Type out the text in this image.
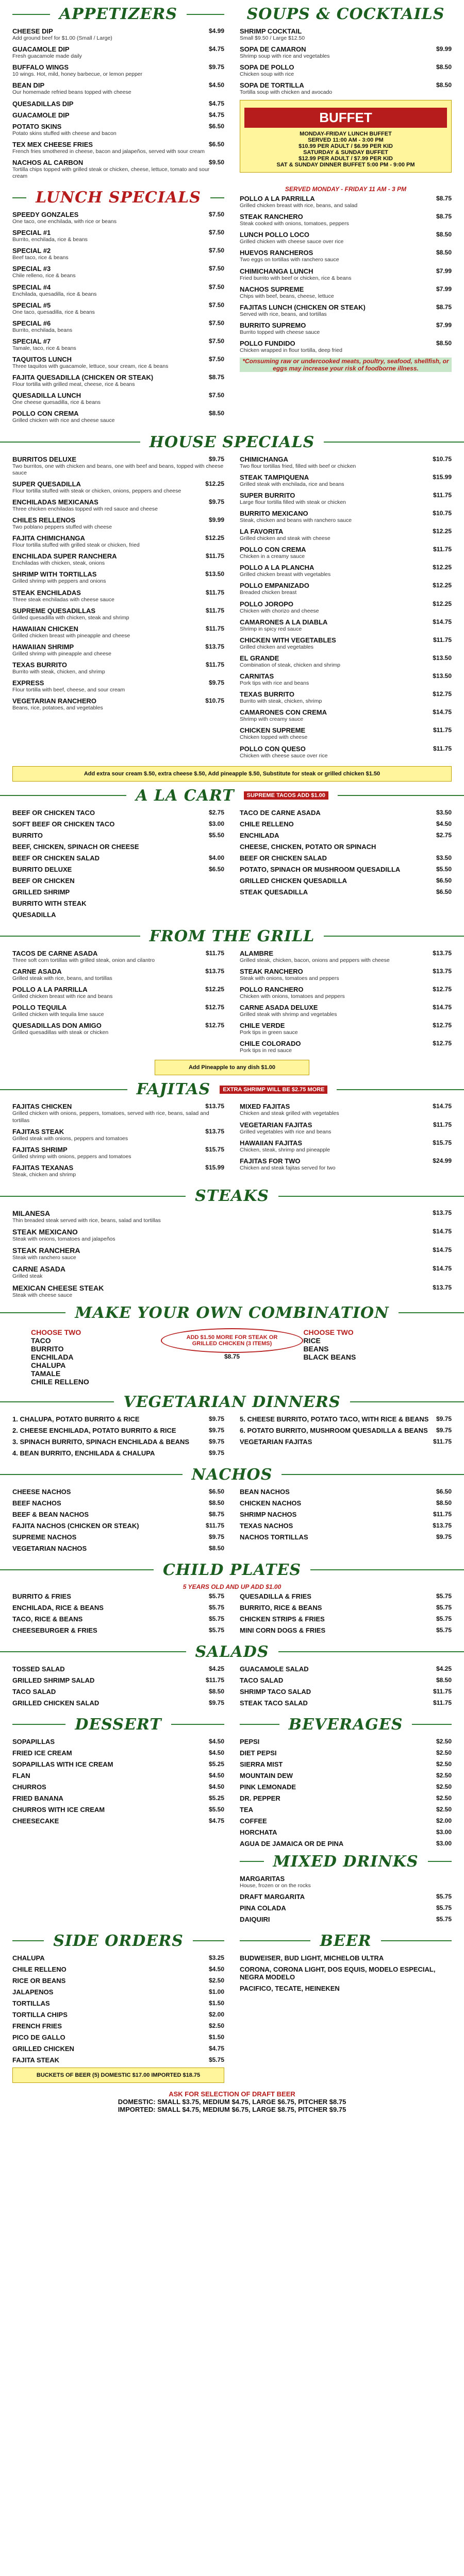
APPETIZERS
CHEESE DIP	$4.99
Add ground beef for $1.00 (Small / Large)
GUACAMOLE DIP	$4.75
Fresh guacamole made daily
BUFFALO WINGS	$9.75
10 wings. Hot, mild, honey barbecue, or lemon pepper
BEAN DIP	$4.50
Our homemade refried beans topped with cheese
QUESADILLAS DIP	$4.75
GUACAMOLE DIP	$4.75
POTATO SKINS	$6.50
Potato skins stuffed with cheese and bacon
TEX MEX CHEESE FRIES	$6.50
French fries smothered in cheese, bacon and jalapeños, served with sour cream
NACHOS AL CARBON	$9.50
Tortilla chips topped with grilled steak or chicken, cheese, lettuce, tomato and sour cream
SOUPS & COCKTAILS
SHRIMP COCKTAIL
Small $9.50 / Large $12.50
SOPA DE CAMARON	$9.99
Shrimp soup with rice and vegetables
SOPA DE POLLO	$8.50
Chicken soup with rice
SOPA DE TORTILLA	$8.50
Tortilla soup with chicken and avocado
BUFFET
MONDAY-FRIDAY LUNCH BUFFET
SERVED 11:00 AM - 3:00 PM
$10.99 PER ADULT / $6.99 PER KID
SATURDAY & SUNDAY BUFFET
$12.99 PER ADULT / $7.99 PER KID
SAT & SUNDAY DINNER BUFFET 5:00 PM - 9:00 PM
LUNCH SPECIALS
SPEEDY GONZALES	$7.50
One taco, one enchilada, with rice or beans
SPECIAL #1	$7.50
Burrito, enchilada, rice & beans
SPECIAL #2	$7.50
Beef taco, rice & beans
SPECIAL #3	$7.50
Chile relleno, rice & beans
SPECIAL #4	$7.50
Enchilada, quesadilla, rice & beans
SPECIAL #5	$7.50
One taco, quesadilla, rice & beans
SPECIAL #6	$7.50
Burrito, enchilada, beans
SPECIAL #7	$7.50
Tamale, taco, rice & beans
TAQUITOS LUNCH	$7.50
Three taquitos with guacamole, lettuce, sour cream, rice & beans
FAJITA QUESADILLA (CHICKEN OR STEAK)	$8.75
Flour tortilla with grilled meat, cheese, rice & beans
QUESADILLA LUNCH	$7.50
One cheese quesadilla, rice & beans
POLLO CON CREMA	$8.50
Grilled chicken with rice and cheese sauce
SERVED MONDAY - FRIDAY 11 AM - 3 PM
POLLO A LA PARRILLA	$8.75
Grilled chicken breast with rice, beans, and salad
STEAK RANCHERO	$8.75
Steak cooked with onions, tomatoes, peppers
LUNCH POLLO LOCO	$8.50
Grilled chicken with cheese sauce over rice
HUEVOS RANCHEROS	$8.50
Two eggs on tortillas with ranchero sauce
CHIMICHANGA LUNCH	$7.99
Fried burrito with beef or chicken, rice & beans
NACHOS SUPREME	$7.99
Chips with beef, beans, cheese, lettuce
FAJITAS LUNCH (CHICKEN OR STEAK)	$8.75
Served with rice, beans, and tortillas
BURRITO SUPREMO	$7.99
Burrito topped with cheese sauce
POLLO FUNDIDO	$8.50
Chicken wrapped in flour tortilla, deep fried
*Consuming raw or undercooked meats, poultry, seafood, shellfish, or eggs may increase your risk of foodborne illness.
HOUSE SPECIALS
BURRITOS DELUXE	$9.75
Two burritos, one with chicken and beans, one with beef and beans, topped with cheese sauce
SUPER QUESADILLA	$12.25
Flour tortilla stuffed with steak or chicken, onions, peppers and cheese
ENCHILADAS MEXICANAS	$9.75
Three chicken enchiladas topped with red sauce and cheese
CHILES RELLENOS	$9.99
Two poblano peppers stuffed with cheese
FAJITA CHIMICHANGA	$12.25
Flour tortilla stuffed with grilled steak or chicken, fried
ENCHILADA SUPER RANCHERA	$11.75
Enchiladas with chicken, steak, onions
SHRIMP WITH TORTILLAS	$13.50
Grilled shrimp with peppers and onions
STEAK ENCHILADAS	$11.75
Three steak enchiladas with cheese sauce
SUPREME QUESADILLAS	$11.75
Grilled quesadilla with chicken, steak and shrimp
HAWAIIAN CHICKEN	$11.75
Grilled chicken breast with pineapple and cheese
HAWAIIAN SHRIMP	$13.75
Grilled shrimp with pineapple and cheese
TEXAS BURRITO	$11.75
Burrito with steak, chicken, and shrimp
EXPRESS	$9.75
Flour tortilla with beef, cheese, and sour cream
VEGETARIAN RANCHERO	$10.75
Beans, rice, potatoes, and vegetables
CHIMICHANGA	$10.75
Two flour tortillas fried, filled with beef or chicken
STEAK TAMPIQUENA	$15.99
Grilled steak with enchilada, rice and beans
SUPER BURRITO	$11.75
Large flour tortilla filled with steak or chicken
BURRITO MEXICANO	$10.75
Steak, chicken and beans with ranchero sauce
LA FAVORITA	$12.25
Grilled chicken and steak with cheese
POLLO CON CREMA	$11.75
Chicken in a creamy sauce
POLLO A LA PLANCHA	$12.25
Grilled chicken breast with vegetables
POLLO EMPANIZADO	$12.25
Breaded chicken breast
POLLO JOROPO	$12.25
Chicken with chorizo and cheese
CAMARONES A LA DIABLA	$14.75
Shrimp in spicy red sauce
CHICKEN WITH VEGETABLES	$11.75
Grilled chicken and vegetables
EL GRANDE	$13.50
Combination of steak, chicken and shrimp
CARNITAS	$13.50
Pork tips with rice and beans
TEXAS BURRITO	$12.75
Burrito with steak, chicken, shrimp
CAMARONES CON CREMA	$14.75
Shrimp with creamy sauce
CHICKEN SUPREME	$11.75
Chicken topped with cheese
POLLO CON QUESO	$11.75
Chicken with cheese sauce over rice
Add extra sour cream $.50, extra cheese $.50, Add pineapple $.50, Substitute for steak or grilled chicken $1.50
A LA CART	SUPREME TACOS ADD $1.00
BEEF OR CHICKEN TACO	$2.75
SOFT BEEF OR CHICKEN TACO	$3.00
BURRITO	$5.50
BEEF, CHICKEN, SPINACH OR CHEESE
BEEF OR CHICKEN SALAD	$4.00
BURRITO DELUXE	$6.50
BEEF OR CHICKEN
GRILLED SHRIMP
BURRITO WITH STEAK
QUESADILLA
TACO DE CARNE ASADA	$3.50
CHILE RELLENO	$4.50
ENCHILADA	$2.75
CHEESE, CHICKEN, POTATO OR SPINACH
BEEF OR CHICKEN SALAD	$3.50
POTATO, SPINACH OR MUSHROOM QUESADILLA	$5.50
GRILLED CHICKEN QUESADILLA	$6.50
STEAK QUESADILLA	$6.50
FROM THE GRILL
TACOS DE CARNE ASADA	$11.75
Three soft corn tortillas with grilled steak, onion and cilantro
CARNE ASADA	$13.75
Grilled steak with rice, beans, and tortillas
POLLO A LA PARRILLA	$12.25
Grilled chicken breast with rice and beans
POLLO TEQUILA	$12.75
Grilled chicken with tequila lime sauce
QUESADILLAS DON AMIGO	$12.75
Grilled quesadillas with steak or chicken
ALAMBRE	$13.75
Grilled steak, chicken, bacon, onions and peppers with cheese
STEAK RANCHERO	$13.75
Steak with onions, tomatoes and peppers
POLLO RANCHERO	$12.75
Chicken with onions, tomatoes and peppers
CARNE ASADA DELUXE	$14.75
Grilled steak with shrimp and vegetables
CHILE VERDE	$12.75
Pork tips in green sauce
CHILE COLORADO	$12.75
Pork tips in red sauce
Add Pineapple to any dish $1.00
FAJITAS	EXTRA SHRIMP WILL BE $2.75 MORE
FAJITAS CHICKEN	$13.75
Grilled chicken with onions, peppers, tomatoes, served with rice, beans, salad and tortillas
FAJITAS STEAK	$13.75
Grilled steak with onions, peppers and tomatoes
FAJITAS SHRIMP	$15.75
Grilled shrimp with onions, peppers and tomatoes
FAJITAS TEXANAS	$15.99
Steak, chicken and shrimp
MIXED FAJITAS	$14.75
Chicken and steak grilled with vegetables
VEGETARIAN FAJITAS	$11.75
Grilled vegetables with rice and beans
HAWAIIAN FAJITAS	$15.75
Chicken, steak, shrimp and pineapple
FAJITAS FOR TWO	$24.99
Chicken and steak fajitas served for two
STEAKS
MILANESA	$13.75
Thin breaded steak served with rice, beans, salad and tortillas
STEAK MEXICANO	$14.75
Steak with onions, tomatoes and jalapeños
STEAK RANCHERA	$14.75
Steak with ranchero sauce
CARNE ASADA	$14.75
Grilled steak
MEXICAN CHEESE STEAK	$13.75
Steak with cheese sauce
MAKE YOUR OWN COMBINATION
CHOOSE TWO
TACO
BURRITO
ENCHILADA
CHALUPA
TAMALE
CHILE RELLENO
ADD $1.50 MORE FOR STEAK OR GRILLED CHICKEN (3 ITEMS)
$8.75
CHOOSE TWO
RICE
BEANS
BLACK BEANS
VEGETARIAN DINNERS
1. CHALUPA, POTATO BURRITO & RICE	$9.75
2. CHEESE ENCHILADA, POTATO BURRITO & RICE	$9.75
3. SPINACH BURRITO, SPINACH ENCHILADA & BEANS	$9.75
4. BEAN BURRITO, ENCHILADA & CHALUPA	$9.75
5. CHEESE BURRITO, POTATO TACO, WITH RICE & BEANS $9.75
6. POTATO BURRITO, MUSHROOM QUESADILLA & BEANS $9.75
VEGETARIAN FAJITAS	$11.75
NACHOS
CHEESE NACHOS	$6.50
BEEF NACHOS	$8.50
BEEF & BEAN NACHOS	$8.75
FAJITA NACHOS (CHICKEN OR STEAK)	$11.75
SUPREME NACHOS	$9.75
VEGETARIAN NACHOS	$8.50
BEAN NACHOS	$6.50
CHICKEN NACHOS	$8.50
SHRIMP NACHOS	$11.75
TEXAS NACHOS	$13.75
NACHOS TORTILLAS	$9.75
CHILD PLATES
5 YEARS OLD AND UP ADD $1.00
BURRITO & FRIES	$5.75
ENCHILADA, RICE & BEANS	$5.75
TACO, RICE & BEANS	$5.75
CHEESEBURGER & FRIES	$5.75
QUESADILLA & FRIES	$5.75
BURRITO, RICE & BEANS	$5.75
CHICKEN STRIPS & FRIES	$5.75
MINI CORN DOGS & FRIES	$5.75
SALADS
TOSSED SALAD	$4.25
GRILLED SHRIMP SALAD	$11.75
TACO SALAD	$8.50
GRILLED CHICKEN SALAD	$9.75
GUACAMOLE SALAD	$4.25
TACO SALAD	$8.50
SHRIMP TACO SALAD	$11.75
STEAK TACO SALAD	$11.75
DESSERT
SOPAPILLAS	$4.50
FRIED ICE CREAM	$4.50
SOPAPILLAS WITH ICE CREAM	$5.25
FLAN	$4.50
CHURROS	$4.50
FRIED BANANA	$5.25
CHURROS WITH ICE CREAM	$5.50
CHEESECAKE	$4.75
BEVERAGES
PEPSI	$2.50
DIET PEPSI	$2.50
SIERRA MIST	$2.50
MOUNTAIN DEW	$2.50
PINK LEMONADE	$2.50
DR. PEPPER	$2.50
TEA	$2.50
COFFEE	$2.00
HORCHATA	$3.00
AGUA DE JAMAICA OR DE PINA	$3.00
MIXED DRINKS
MARGARITAS
House, frozen or on the rocks
DRAFT MARGARITA	$5.75
PINA COLADA	$5.75
DAIQUIRI	$5.75
SIDE ORDERS
CHALUPA	$3.25
CHILE RELLENO	$4.50
RICE OR BEANS	$2.50
JALAPENOS	$1.00
TORTILLAS	$1.50
TORTILLA CHIPS	$2.00
FRENCH FRIES	$2.50
PICO DE GALLO	$1.50
GRILLED CHICKEN	$4.75
FAJITA STEAK	$5.75
BUCKETS OF BEER (5) DOMESTIC $17.00 IMPORTED $18.75
BEER
BUDWEISER, BUD LIGHT, MICHELOB ULTRA
CORONA, CORONA LIGHT, DOS EQUIS, MODELO ESPECIAL, NEGRA MODELO
PACIFICO, TECATE, HEINEKEN
ASK FOR SELECTION OF DRAFT BEER
DOMESTIC: SMALL $3.75, MEDIUM $4.75, LARGE $6.75, PITCHER $8.75
IMPORTED: SMALL $4.75, MEDIUM $6.75, LARGE $8.75, PITCHER $9.75
